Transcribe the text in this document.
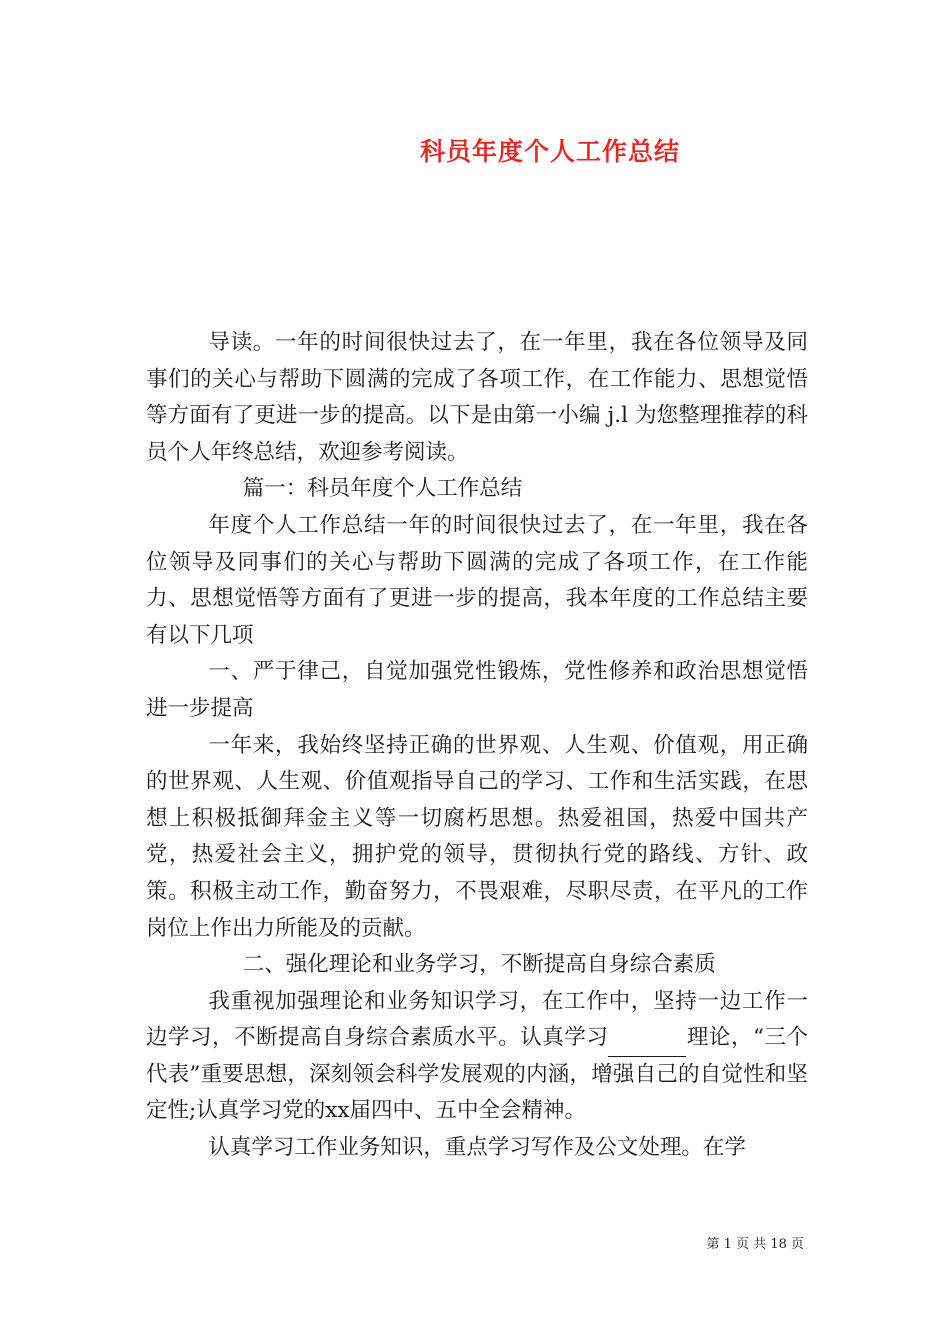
科员年度个人工作总结

导读。一年的时间很快过去了，在一年里，我在各位领导及同事们的关心与帮助下圆满的完成了各项工作，在工作能力、思想觉悟等方面有了更进一步的提高。以下是由第一小编 j.l 为您整理推荐的科员个人年终总结，欢迎参考阅读。

篇一：科员年度个人工作总结

年度个人工作总结一年的时间很快过去了，在一年里，我在各位领导及同事们的关心与帮助下圆满的完成了各项工作，在工作能力、思想觉悟等方面有了更进一步的提高，我本年度的工作总结主要有以下几项

一、严于律己，自觉加强党性锻炼，党性修养和政治思想觉悟进一步提高

一年来，我始终坚持正确的世界观、人生观、价值观，用正确的世界观、人生观、价值观指导自己的学习、工作和生活实践，在思想上积极抵御拜金主义等一切腐朽思想。热爱祖国，热爱中国共产党，热爱社会主义，拥护党的领导，贯彻执行党的路线、方针、政策。积极主动工作，勤奋努力，不畏艰难，尽职尽责，在平凡的工作岗位上作出力所能及的贡献。

二、强化理论和业务学习，不断提高自身综合素质

我重视加强理论和业务知识学习，在工作中，坚持一边工作一边学习，不断提高自身综合素质水平。认真学习	理论，“三个代表”重要思想，深刻领会科学发展观的内涵，增强自己的自觉性和坚定性;认真学习党的xx届四中、五中全会精神。

认真学习工作业务知识，重点学习写作及公文处理。在学

第 1 页 共 18 页
